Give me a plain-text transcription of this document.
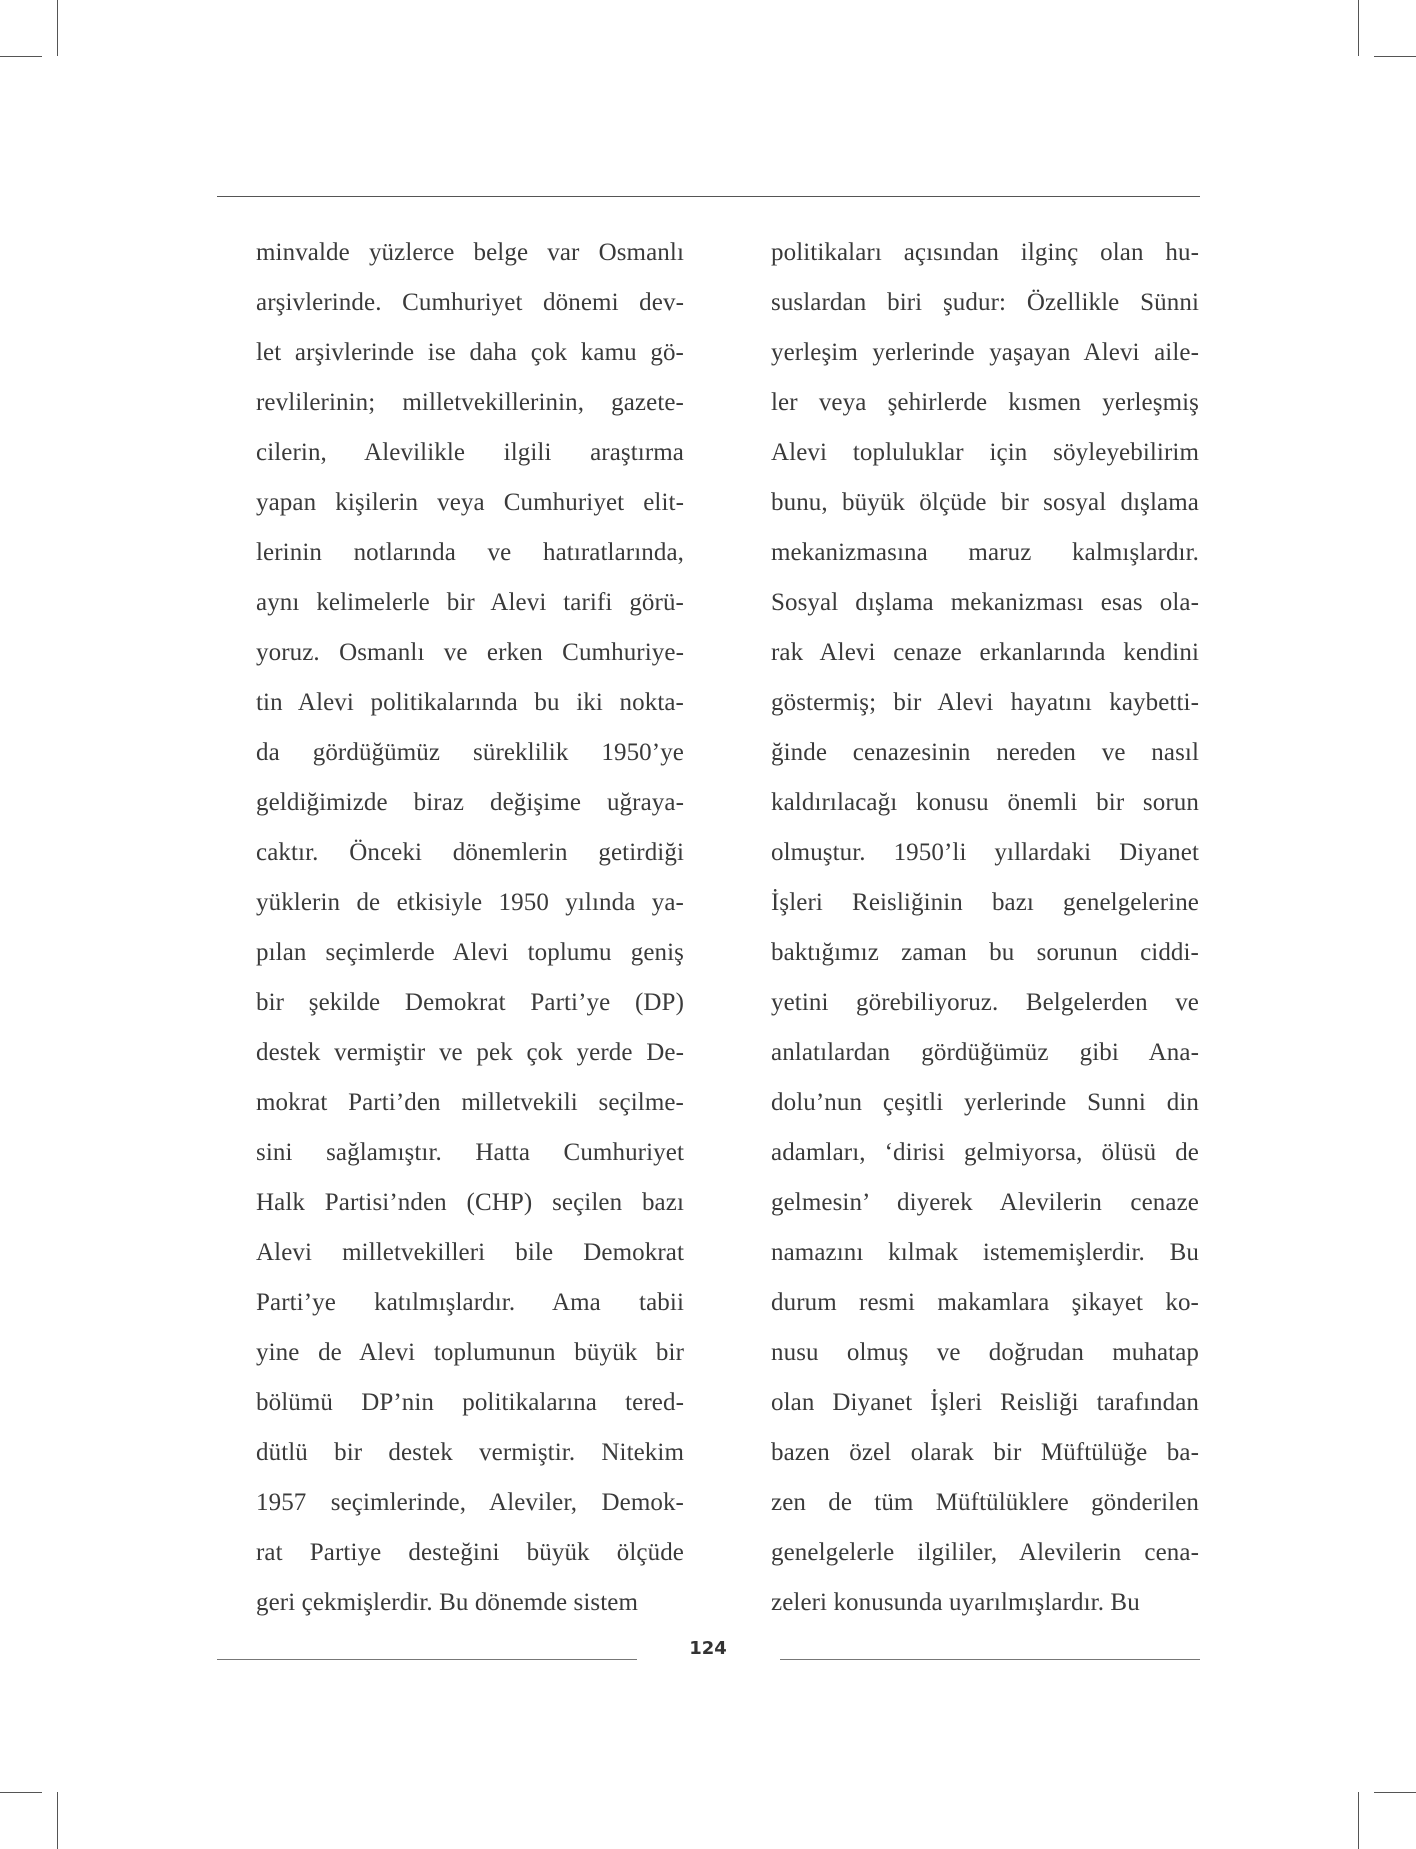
minvalde yüzlerce belge var Osmanlı
arşivlerinde. Cumhuriyet dönemi dev-
let arşivlerinde ise daha çok kamu gö-
revlilerinin; milletvekillerinin, gazete-
cilerin, Alevilikle ilgili araştırma
yapan kişilerin veya Cumhuriyet elit-
lerinin notlarında ve hatıratlarında,
aynı kelimelerle bir Alevi tarifi görü-
yoruz. Osmanlı ve erken Cumhuriye-
tin Alevi politikalarında bu iki nokta-
da gördüğümüz süreklilik 1950’ye
geldiğimizde biraz değişime uğraya-
caktır. Önceki dönemlerin getirdiği
yüklerin de etkisiyle 1950 yılında ya-
pılan seçimlerde Alevi toplumu geniş
bir şekilde Demokrat Parti’ye (DP)
destek vermiştir ve pek çok yerde De-
mokrat Parti’den milletvekili seçilme-
sini sağlamıştır. Hatta Cumhuriyet
Halk Partisi’nden (CHP) seçilen bazı
Alevi milletvekilleri bile Demokrat
Parti’ye katılmışlardır. Ama tabii
yine de Alevi toplumunun büyük bir
bölümü DP’nin politikalarına tered-
dütlü bir destek vermiştir. Nitekim
1957 seçimlerinde, Aleviler, Demok-
rat Partiye desteğini büyük ölçüde
geri çekmişlerdir. Bu dönemde sistem
politikaları açısından ilginç olan hu-
suslardan biri şudur: Özellikle Sünni
yerleşim yerlerinde yaşayan Alevi aile-
ler veya şehirlerde kısmen yerleşmiş
Alevi topluluklar için söyleyebilirim
bunu, büyük ölçüde bir sosyal dışlama
mekanizmasına maruz kalmışlardır.
Sosyal dışlama mekanizması esas ola-
rak Alevi cenaze erkanlarında kendini
göstermiş; bir Alevi hayatını kaybetti-
ğinde cenazesinin nereden ve nasıl
kaldırılacağı konusu önemli bir sorun
olmuştur. 1950’li yıllardaki Diyanet
İşleri Reisliğinin bazı genelgelerine
baktığımız zaman bu sorunun ciddi-
yetini görebiliyoruz. Belgelerden ve
anlatılardan gördüğümüz gibi Ana-
dolu’nun çeşitli yerlerinde Sunni din
adamları, ‘dirisi gelmiyorsa, ölüsü de
gelmesin’ diyerek Alevilerin cenaze
namazını kılmak istememişlerdir. Bu
durum resmi makamlara şikayet ko-
nusu olmuş ve doğrudan muhatap
olan Diyanet İşleri Reisliği tarafından
bazen özel olarak bir Müftülüğe ba-
zen de tüm Müftülüklere gönderilen
genelgelerle ilgililer, Alevilerin cena-
zeleri konusunda uyarılmışlardır. Bu
124
